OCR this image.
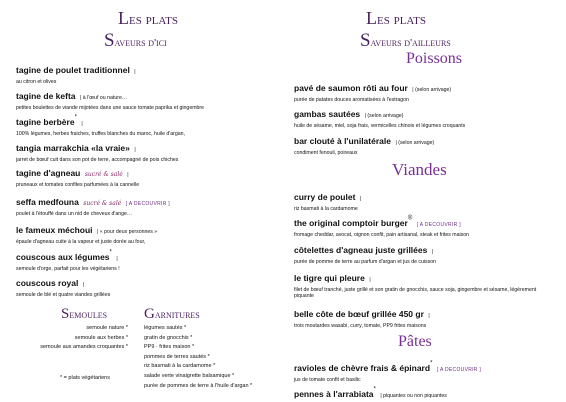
Les plats
Saveurs d'ici
tagine de poulet traditionnel |
au citron et olives
tagine de kefta | à l'œuf ou nature…
petites boulettes de viande mijotées dans une sauce tomate paprika et gingembre
tagine berbère* |
100% légumes, herbes fraiches, truffes blanches du maroc, huile d'argan,
tangia marrakchia «la vraie» |
jarret de bœuf cuit dans son pot de terre, accompagné de pois chiches
tagine d'agneau sucré & salé |
pruneaux et tomates confites parfumées à la cannelle
seffa medfouna sucré & salé [ A DECOUVRIR ]
poulet à l'étouffé dans un nid de cheveux d'ange…
le fameux méchoui | « pour deux personnes »
épaule d'agneau cuite à la vapeur et juste dorée au four,
couscous aux légumes* |
semoule d'orge, parfait pour les végétariens !
couscous royal |
semoule de blé et quatre viandes grillées
Semoules
semoule nature *
semoule aux herbes *
semoule aux amandes croquantes *
* = plats végétariens
Garnitures
légumes sautés *
gratin de gnocchis *
PP9 · frites maison *
pommes de terres sautés *
riz basmati à la cardamome *
salade verte vinaigrette balsamique *
purée de pommes de terre à l'huile d'argan *
Les plats
Saveurs d'ailleurs
Poissons
pavé de saumon rôti au four | (selon arrivage)
purée de patates douces aromatisées à l'estragon
gambas sautées | (selon arrivage)
huile de sésame, miel, soja frais, vermicelles chinois et légumes croquants
bar clouté à l'unilatérale | (selon arrivage)
condiment fenouil, poireaux
Viandes
curry de poulet |
riz basmati à la cardamome
the original comptoir burger® [ A DECOUVRIR ]
fromage cheddar, avocat, oignon confit, pain artisanal, steak et frites maison
côtelettes d'agneau juste grillées |
purée de pomme de terre au parfum d'argan et jus de cuisson
le tigre qui pleure |
filet de bœuf tranché, juste grillé et son gratin de gnocchis, sauce soja, gingembre et sésame, légèrement piquante
belle côte de bœuf grillée 450 gr |
trois moutardes wasabi, curry, tomate, PP9 frites maisons
Pâtes
ravioles de chèvre frais & épinard* [ A DECOUVRIR ]
jus de tomate confit et basilic
pennes à l'arrabiata* | piquantes ou non piquantes
